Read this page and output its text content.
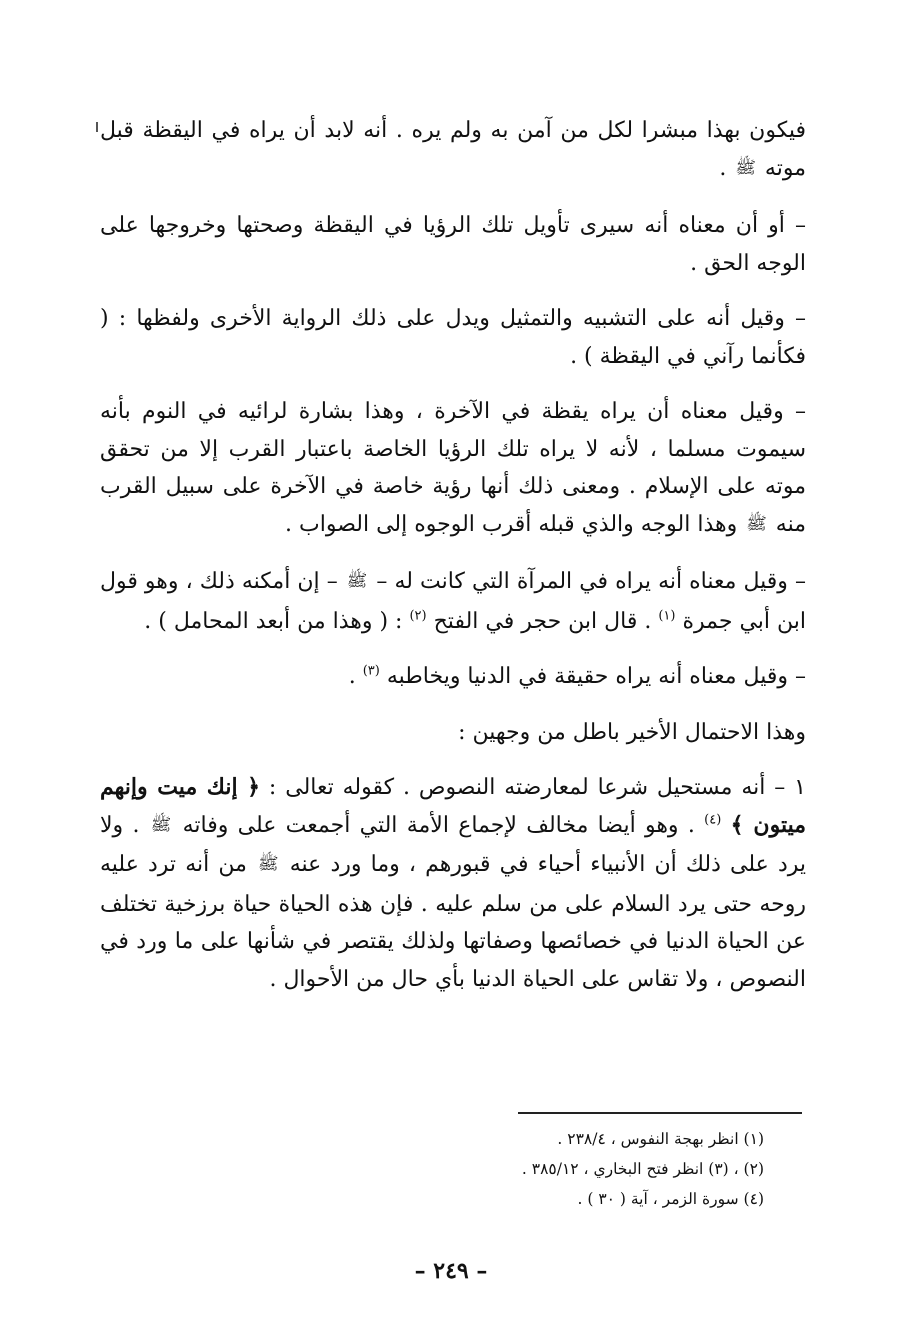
فيكون بهذا مبشرا لكل من آمن به ولم يره . أنه لابد أن يراه في اليقظة قبل موته ﷺ .

– أو أن معناه أنه سيرى تأويل تلك الرؤيا في اليقظة وصحتها وخروجها على الوجه الحق .

– وقيل أنه على التشبيه والتمثيل ويدل على ذلك الرواية الأخرى ولفظها : ( فكأنما رآني في اليقظة ) .

– وقيل معناه أن يراه يقظة في الآخرة ، وهذا بشارة لرائيه في النوم بأنه سيموت مسلما ، لأنه لا يراه تلك الرؤيا الخاصة باعتبار القرب إلا من تحقق موته على الإسلام . ومعنى ذلك أنها رؤية خاصة في الآخرة على سبيل القرب منه ﷺ وهذا الوجه والذي قبله أقرب الوجوه إلى الصواب .

– وقيل معناه أنه يراه في المرآة التي كانت له – ﷺ – إن أمكنه ذلك ، وهو قول ابن أبي جمرة $^{(١)}$ . قال ابن حجر في الفتح $^{(٢)}$ : ( وهذا من أبعد المحامل ) .

– وقيل معناه أنه يراه حقيقة في الدنيا ويخاطبه $^{(٣)}$ .

وهذا الاحتمال الأخير باطل من وجهين :

١ – أنه مستحيل شرعا لمعارضته النصوص . كقوله تعالى : ﴿ إنك ميت وإنهم ميتون ﴾ $^{(٤)}$ . وهو أيضا مخالف لإجماع الأمة التي أجمعت على وفاته ﷺ . ولا يرد على ذلك أن الأنبياء أحياء في قبورهم ، وما ورد عنه ﷺ من أنه ترد عليه روحه حتى يرد السلام على من سلم عليه . فإن هذه الحياة حياة برزخية تختلف عن الحياة الدنيا في خصائصها وصفاتها ولذلك يقتصر في شأنها على ما ورد في النصوص ، ولا تقاس على الحياة الدنيا بأي حال من الأحوال .

(١) انظر بهجة النفوس ، ٢٣٨/٤ .

(٢) ، (٣) انظر فتح البخاري ، ٣٨٥/١٢ .

(٤) سورة الزمر ، آية ( ٣٠ ) .

– ٢٤٩ –
